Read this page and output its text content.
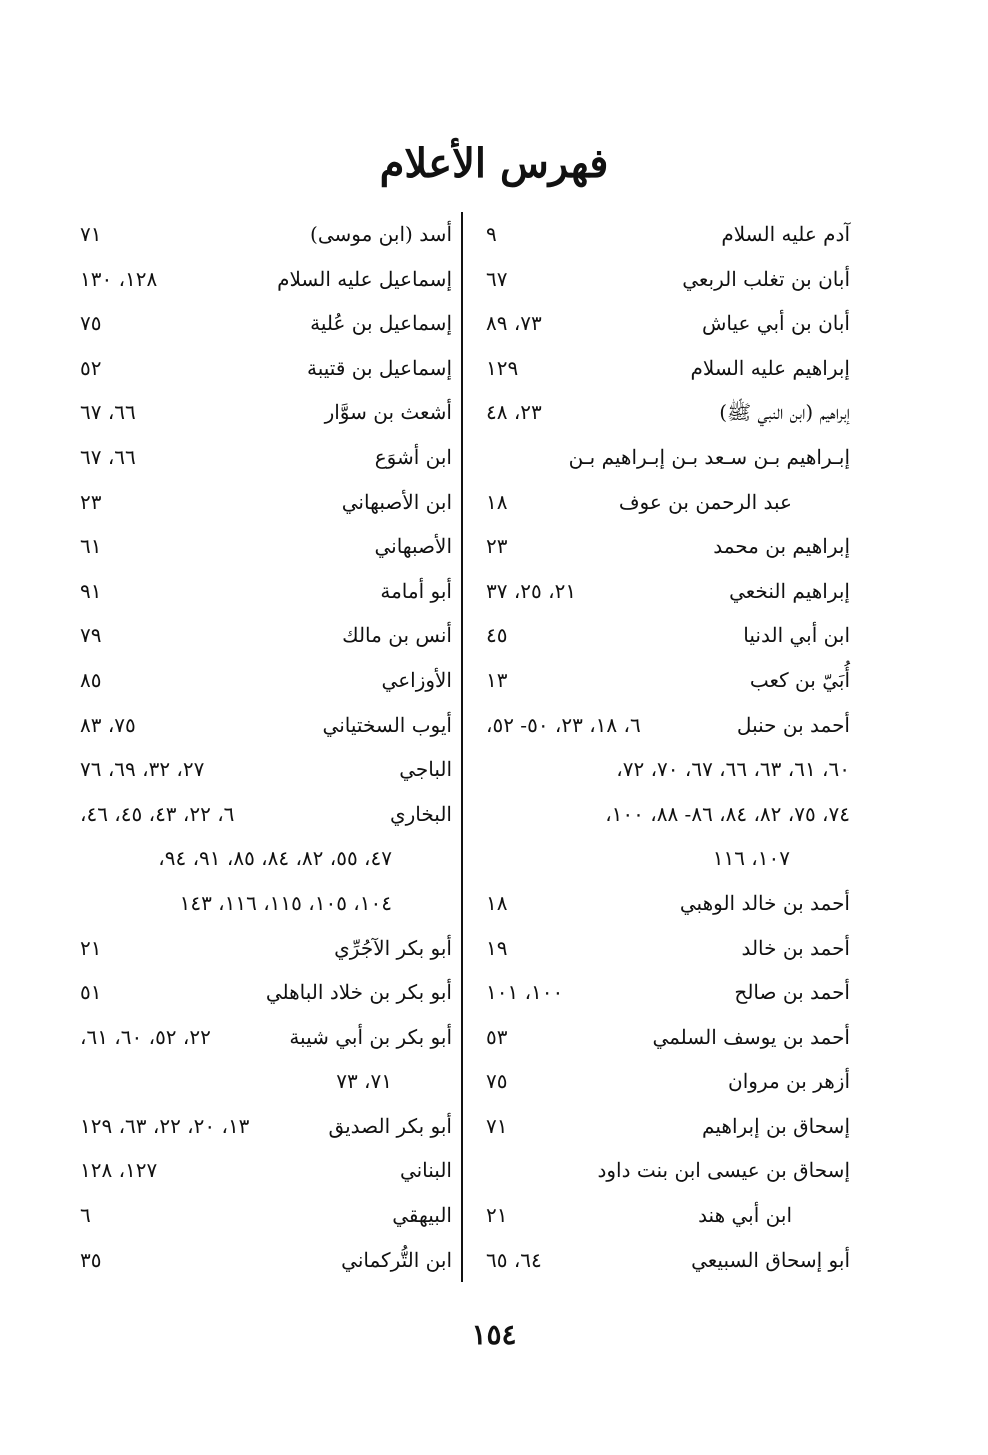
فهرس الأعلام
آدم عليه السلام
٩
أبان بن تغلب الربعي
٦٧
أبان بن أبي عياش
٧٣، ٨٩
إبراهيم عليه السلام
١٢٩
إبراهيم (ابن النبي ﷺ)
٢٣، ٤٨
إبـراهيم بـن سـعد بـن إبـراهيم بـن
عبد الرحمن بن عوف
١٨
إبراهيم بن محمد
٢٣
إبراهيم النخعي
٢١، ٢٥، ٣٧
ابن أبي الدنيا
٤٥
أُبَيّ بن كعب
١٣
أحمد بن حنبل
٦، ١٨، ٢٣، ٥٠- ٥٢،
٦٠، ٦١، ٦٣، ٦٦، ٦٧، ٧٠، ٧٢،
٧٤، ٧٥، ٨٢، ٨٤، ٨٦- ٨٨، ١٠٠،
١٠٧، ١١٦
أحمد بن خالد الوهبي
١٨
أحمد بن خالد
١٩
أحمد بن صالح
١٠٠، ١٠١
أحمد بن يوسف السلمي
٥٣
أزهر بن مروان
٧٥
إسحاق بن إبراهيم
٧١
إسحاق بن عيسى ابن بنت داود
ابن أبي هند
٢١
أبو إسحاق السبيعي
٦٤، ٦٥
أسد (ابن موسى)
٧١
إسماعيل عليه السلام
١٢٨، ١٣٠
إسماعيل بن عُلية
٧٥
إسماعيل بن قتيبة
٥٢
أشعث بن سوَّار
٦٦، ٦٧
ابن أشوَع
٦٦، ٦٧
ابن الأصبهاني
٢٣
الأصبهاني
٦١
أبو أمامة
٩١
أنس بن مالك
٧٩
الأوزاعي
٨٥
أيوب السختياني
٧٥، ٨٣
الباجي
٢٧، ٣٢، ٦٩، ٧٦
البخاري
٦، ٢٢، ٤٣، ٤٥، ٤٦،
٤٧، ٥٥، ٨٢، ٨٤، ٨٥، ٩١، ٩٤،
١٠٤، ١٠٥، ١١٥، ١١٦، ١٤٣
أبو بكر الآجُرِّي
٢١
أبو بكر بن خلاد الباهلي
٥١
أبو بكر بن أبي شيبة
٢٢، ٥٢، ٦٠، ٦١،
٧١، ٧٣
أبو بكر الصديق
١٣، ٢٠، ٢٢، ٦٣، ١٢٩
البناني
١٢٧، ١٢٨
البيهقي
٦
ابن التُّركماني
٣٥
١٥٤
